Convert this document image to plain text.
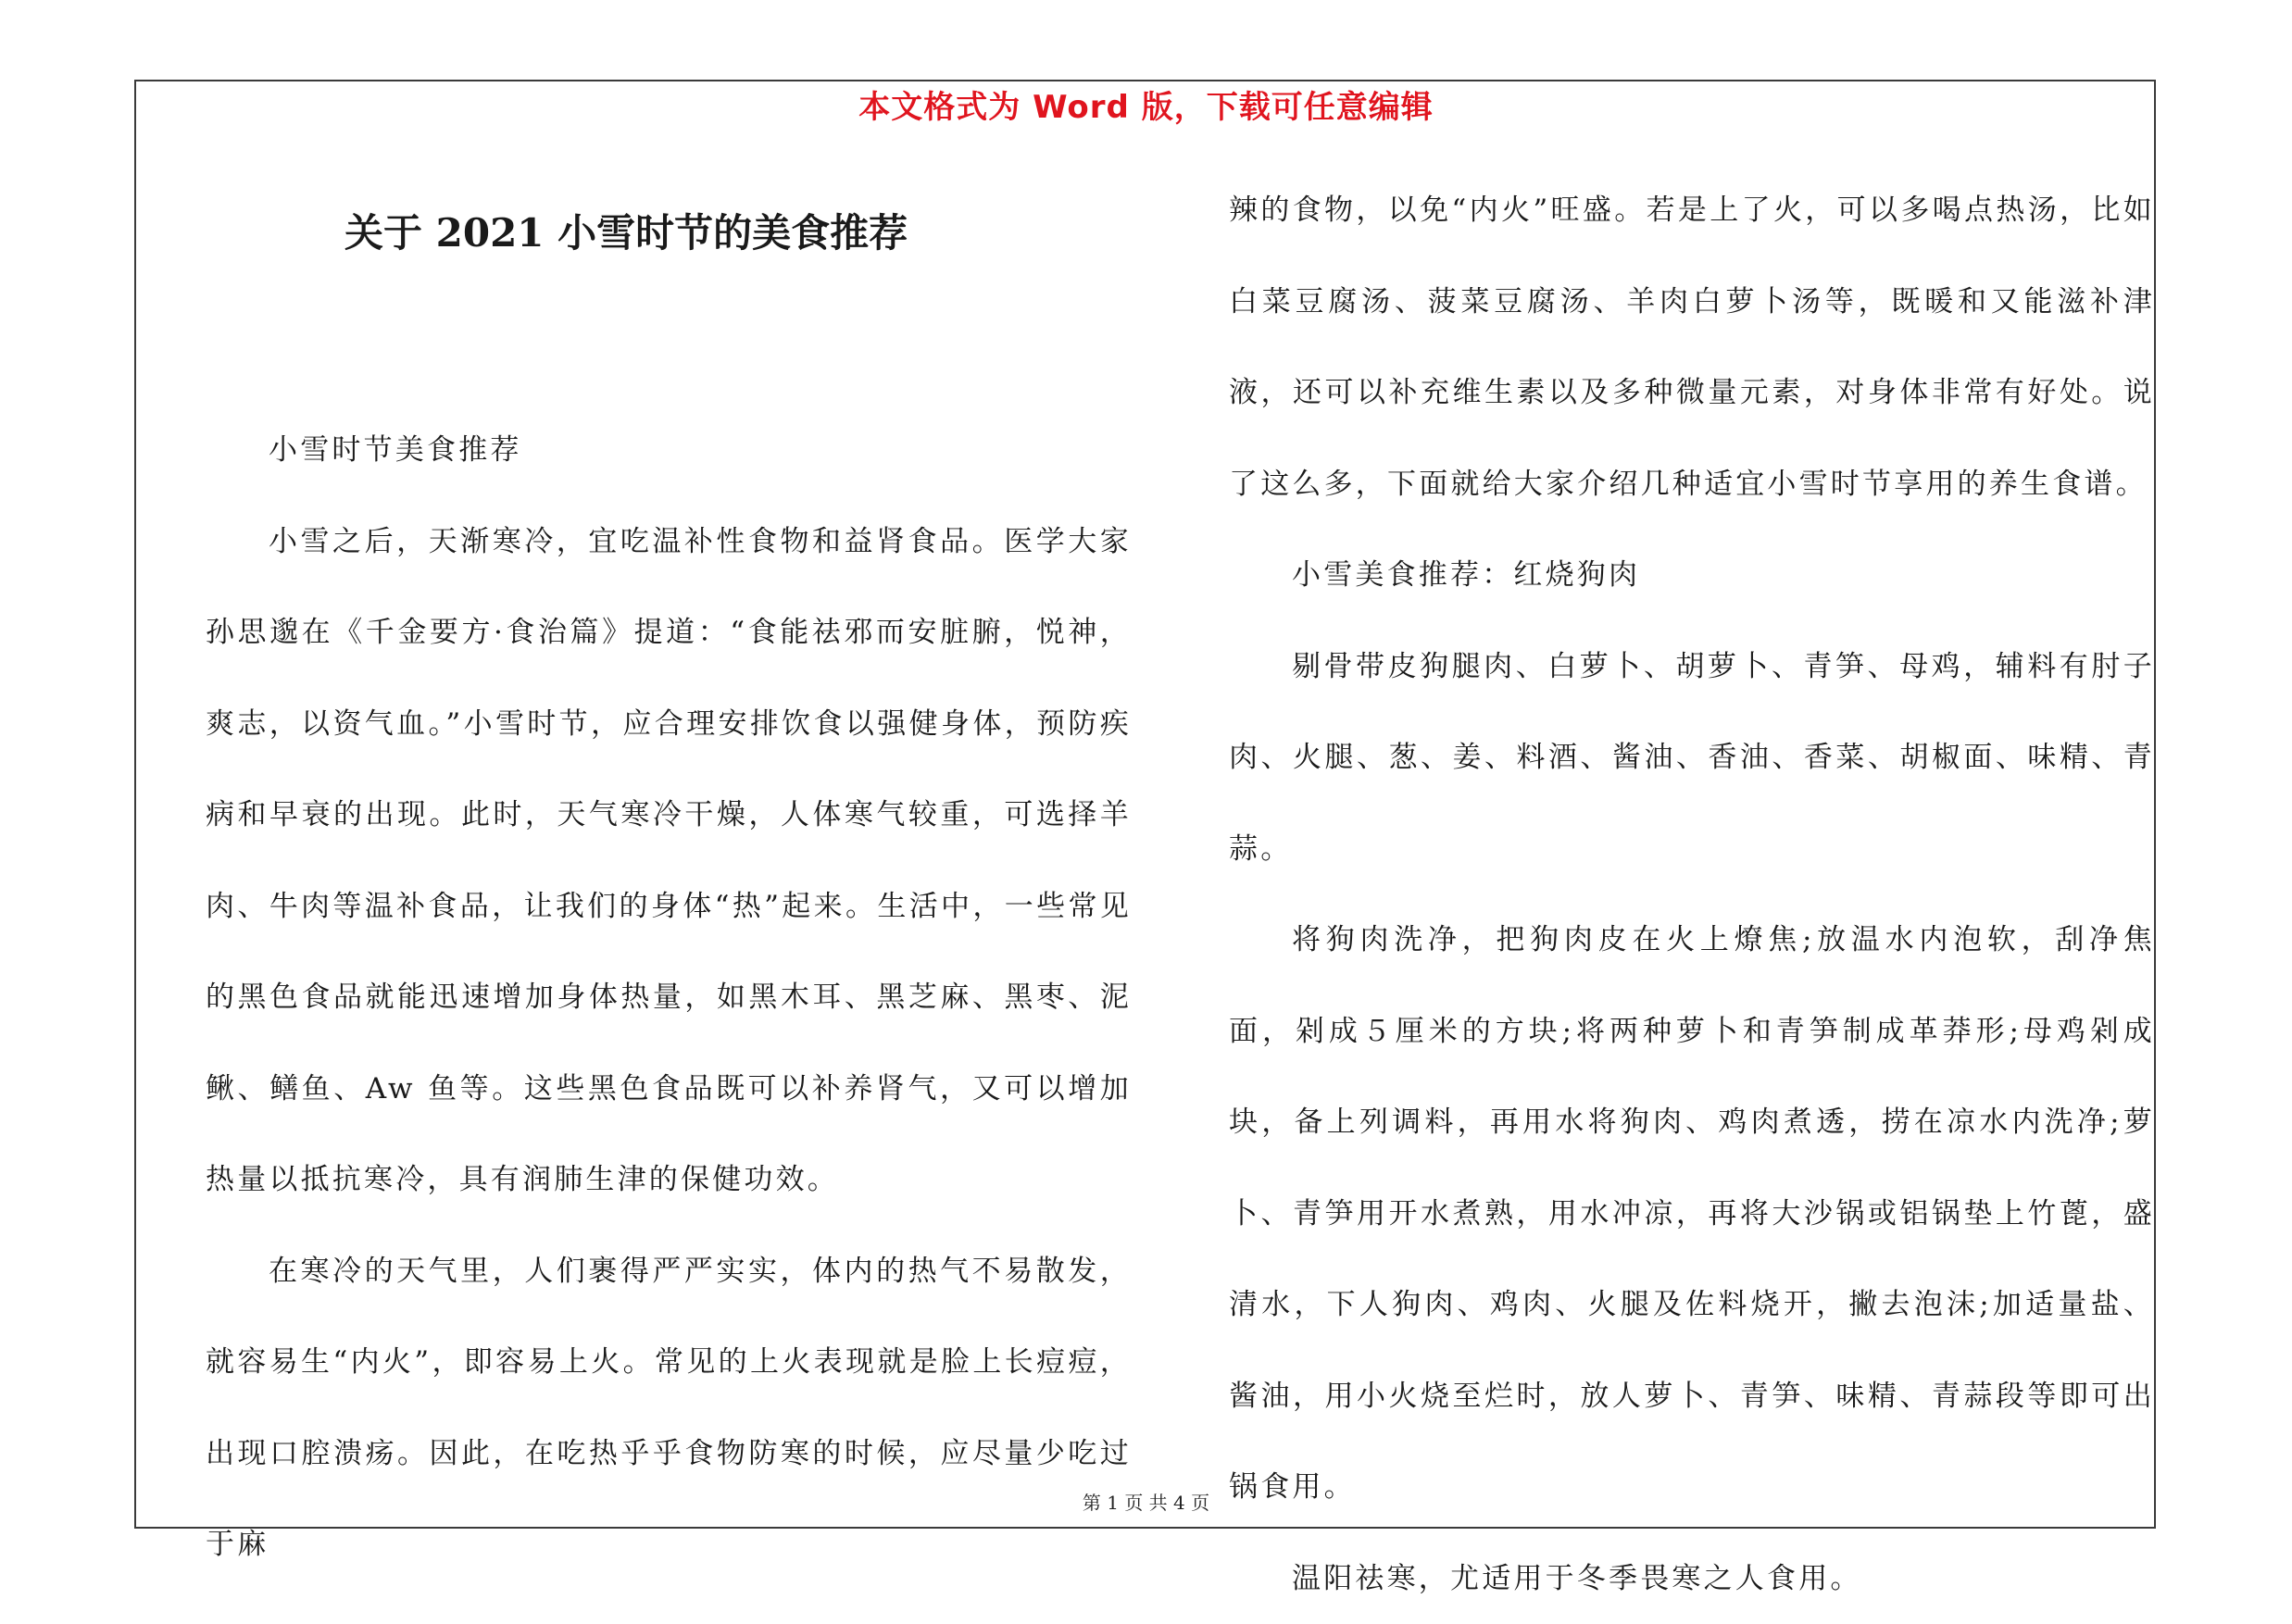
本文格式为 Word 版，下载可任意编辑
关于 2021 小雪时节的美食推荐

小雪时节美食推荐

小雪之后，天渐寒冷，宜吃温补性食物和益肾食品。医学大家孙思邈在《千金要方·食治篇》提道：“食能祛邪而安脏腑，悦神，爽志，以资气血。”小雪时节，应合理安排饮食以强健身体，预防疾病和早衰的出现。此时，天气寒冷干燥，人体寒气较重，可选择羊肉、牛肉等温补食品，让我们的身体“热”起来。生活中，一些常见的黑色食品就能迅速增加身体热量，如黑木耳、黑芝麻、黑枣、泥鳅、鳝鱼、Aw 鱼等。这些黑色食品既可以补养肾气，又可以增加热量以抵抗寒冷，具有润肺生津的保健功效。

在寒冷的天气里，人们裹得严严实实，体内的热气不易散发，就容易生“内火”，即容易上火。常见的上火表现就是脸上长痘痘，出现口腔溃疡。因此，在吃热乎乎食物防寒的时候，应尽量少吃过于麻

辣的食物，以免“内火”旺盛。若是上了火，可以多喝点热汤，比如白菜豆腐汤、菠菜豆腐汤、羊肉白萝卜汤等，既暖和又能滋补津液，还可以补充维生素以及多种微量元素，对身体非常有好处。说了这么多，下面就给大家介绍几种适宜小雪时节享用的养生食谱。

小雪美食推荐：红烧狗肉

剔骨带皮狗腿肉、白萝卜、胡萝卜、青笋、母鸡，辅料有肘子肉、火腿、葱、姜、料酒、酱油、香油、香菜、胡椒面、味精、青蒜。

将狗肉洗净，把狗肉皮在火上燎焦;放温水内泡软，刮净焦面，剁成５厘米的方块;将两种萝卜和青笋制成革莽形;母鸡剁成块，备上列调料，再用水将狗肉、鸡肉煮透，捞在凉水内洗净;萝卜、青笋用开水煮熟，用水冲凉，再将大沙锅或铝锅垫上竹蓖，盛清水，下人狗肉、鸡肉、火腿及佐料烧开，撇去泡沫;加适量盐、酱油，用小火烧至烂时，放人萝卜、青笋、味精、青蒜段等即可出锅食用。

温阳祛寒，尤适用于冬季畏寒之人食用。

第 1 页 共 4 页
